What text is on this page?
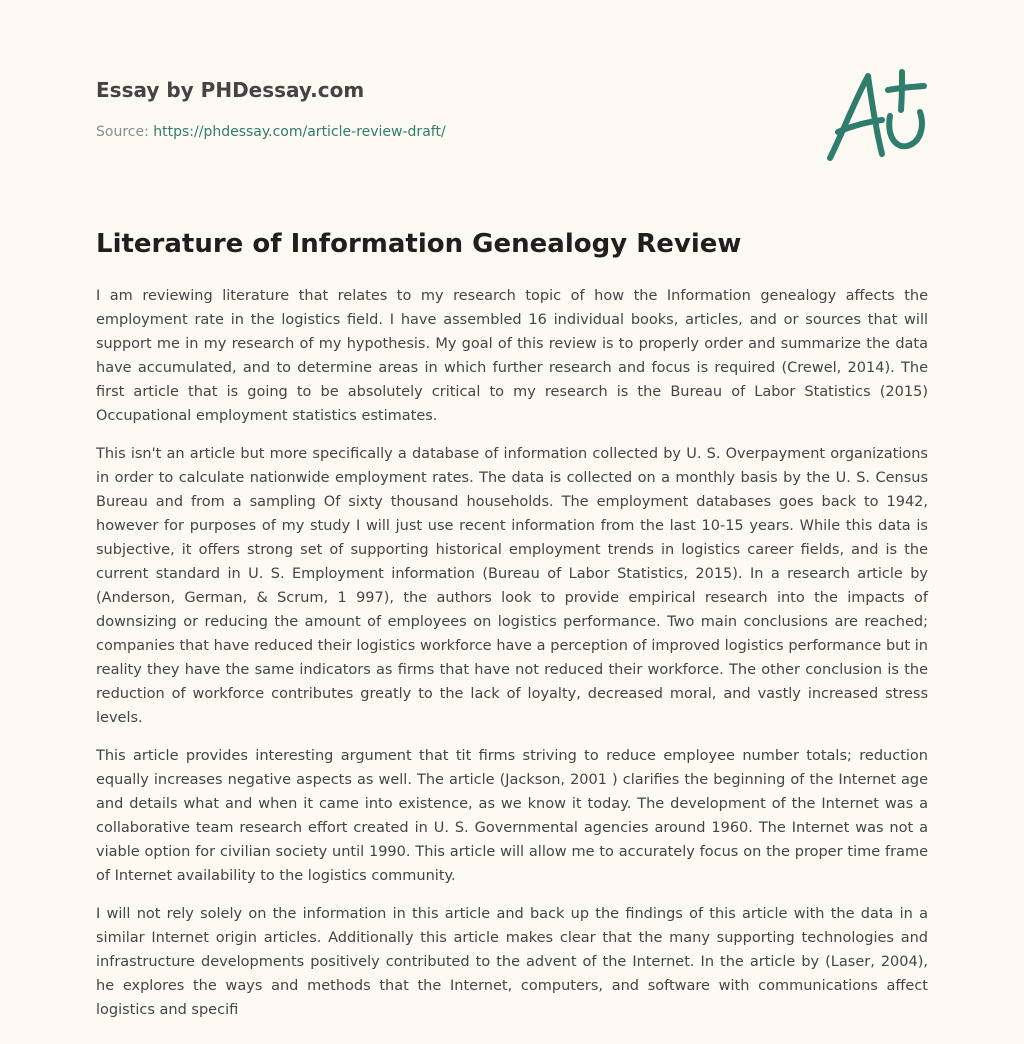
Essay by PHDessay.com
Source: https://phdessay.com/article-review-draft/
Literature of Information Genealogy Review

I am reviewing literature that relates to my research topic of how the Information genealogy affects the employment rate in the logistics field. I have assembled 16 individual books, articles, and or sources that will support me in my research of my hypothesis. My goal of this review is to properly order and summarize the data have accumulated, and to determine areas in which further research and focus is required (Crewel, 2014). The first article that is going to be absolutely critical to my research is the Bureau of Labor Statistics (2015) Occupational employment statistics estimates.

This isn't an article but more specifically a database of information collected by U. S. Overpayment organizations in order to calculate nationwide employment rates. The data is collected on a monthly basis by the U. S. Census Bureau and from a sampling Of sixty thousand households. The employment databases goes back to 1942, however for purposes of my study I will just use recent information from the last 10-15 years. While this data is subjective, it offers strong set of supporting historical employment trends in logistics career fields, and is the current standard in U. S. Employment information (Bureau of Labor Statistics, 2015). In a research article by (Anderson, German, & Scrum, 1 997), the authors look to provide empirical research into the impacts of downsizing or reducing the amount of employees on logistics performance. Two main conclusions are reached; companies that have reduced their logistics workforce have a perception of improved logistics performance but in reality they have the same indicators as firms that have not reduced their workforce. The other conclusion is the reduction of workforce contributes greatly to the lack of loyalty, decreased moral, and vastly increased stress levels.

This article provides interesting argument that tit firms striving to reduce employee number totals; reduction equally increases negative aspects as well. The article (Jackson, 2001 ) clarifies the beginning of the Internet age and details what and when it came into existence, as we know it today. The development of the Internet was a collaborative team research effort created in U. S. Governmental agencies around 1960. The Internet was not a viable option for civilian society until 1990. This article will allow me to accurately focus on the proper time frame of Internet availability to the logistics community.

I will not rely solely on the information in this article and back up the findings of this article with the data in a similar Internet origin articles. Additionally this article makes clear that the many supporting technologies and infrastructure developments positively contributed to the advent of the Internet. In the article by (Laser, 2004), he explores the ways and methods that the Internet, computers, and software with communications affect logistics and specifi
